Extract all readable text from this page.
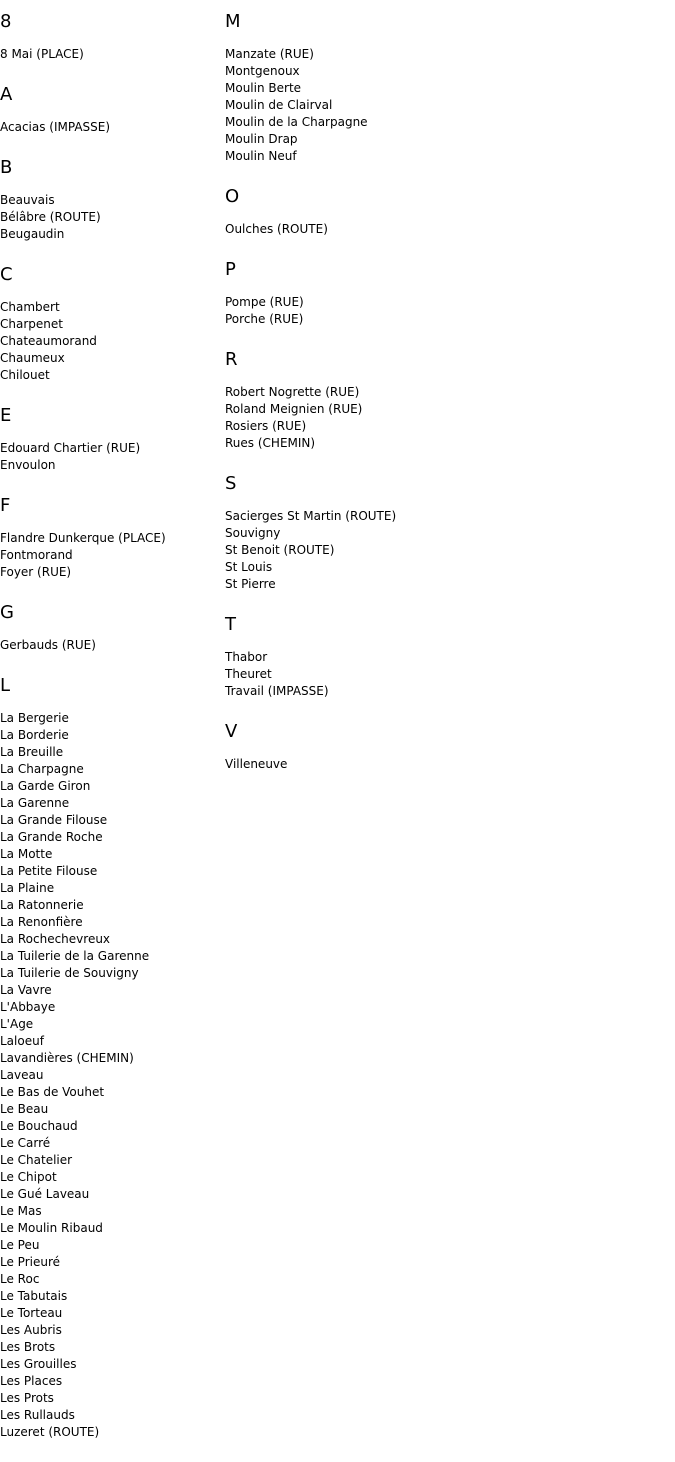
8
8 Mai (PLACE)
A
Acacias (IMPASSE)
B
Beauvais
Bélâbre (ROUTE)
Beugaudin
C
Chambert
Charpenet
Chateaumorand
Chaumeux
Chilouet
E
Edouard Chartier (RUE)
Envoulon
F
Flandre Dunkerque (PLACE)
Fontmorand
Foyer (RUE)
G
Gerbauds (RUE)
L
La Bergerie
La Borderie
La Breuille
La Charpagne
La Garde Giron
La Garenne
La Grande Filouse
La Grande Roche
La Motte
La Petite Filouse
La Plaine
La Ratonnerie
La Renonfière
La Rochechevreux
La Tuilerie de la Garenne
La Tuilerie de Souvigny
La Vavre
L'Abbaye
L'Age
Laloeuf
Lavandières (CHEMIN)
Laveau
Le Bas de Vouhet
Le Beau
Le Bouchaud
Le Carré
Le Chatelier
Le Chipot
Le Gué Laveau
Le Mas
Le Moulin Ribaud
Le Peu
Le Prieuré
Le Roc
Le Tabutais
Le Torteau
Les Aubris
Les Brots
Les Grouilles
Les Places
Les Prots
Les Rullauds
Luzeret (ROUTE)
M
Manzate (RUE)
Montgenoux
Moulin Berte
Moulin de Clairval
Moulin de la Charpagne
Moulin Drap
Moulin Neuf
O
Oulches (ROUTE)
P
Pompe (RUE)
Porche (RUE)
R
Robert Nogrette (RUE)
Roland Meignien (RUE)
Rosiers (RUE)
Rues (CHEMIN)
S
Sacierges St Martin (ROUTE)
Souvigny
St Benoit (ROUTE)
St Louis
St Pierre
T
Thabor
Theuret
Travail (IMPASSE)
V
Villeneuve
